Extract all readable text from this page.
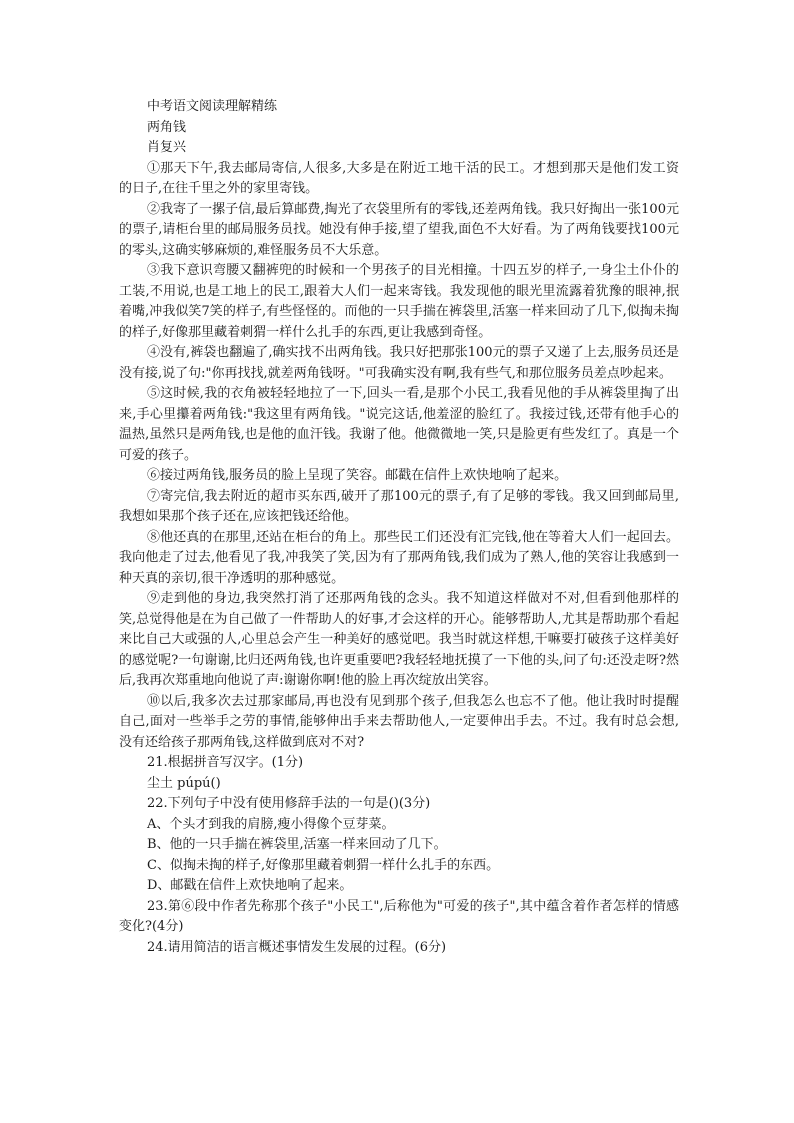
中考语文阅读理解精练

两角钱

肖复兴

①那天下午,我去邮局寄信,人很多,大多是在附近工地干活的民工。才想到那天是他们发工资的日子,在往千里之外的家里寄钱。

②我寄了一摞子信,最后算邮费,掏光了衣袋里所有的零钱,还差两角钱。我只好掏出一张100元的票子,请柜台里的邮局服务员找。她没有伸手接,望了望我,面色不大好看。为了两角钱要找100元的零头,这确实够麻烦的,难怪服务员不大乐意。

③我下意识弯腰又翻裤兜的时候和一个男孩子的目光相撞。十四五岁的样子,一身尘土仆仆的工装,不用说,也是工地上的民工,跟着大人们一起来寄钱。我发现他的眼光里流露着犹豫的眼神,抿着嘴,冲我似笑7笑的样子,有些怪怪的。而他的一只手揣在裤袋里,活塞一样来回动了几下,似掏未掏的样子,好像那里藏着刺猬一样什么扎手的东西,更让我感到奇怪。

④没有,裤袋也翻遍了,确实找不出两角钱。我只好把那张100元的票子又递了上去,服务员还是没有接,说了句:"你再找找,就差两角钱呀。"可我确实没有啊,我有些气,和那位服务员差点吵起来。

⑤这时候,我的衣角被轻轻地拉了一下,回头一看,是那个小民工,我看见他的手从裤袋里掏了出来,手心里攥着两角钱:"我这里有两角钱。"说完这话,他羞涩的脸红了。我接过钱,还带有他手心的温热,虽然只是两角钱,也是他的血汗钱。我谢了他。他微微地一笑,只是脸更有些发红了。真是一个可爱的孩子。

⑥接过两角钱,服务员的脸上呈现了笑容。邮戳在信件上欢快地响了起来。

⑦寄完信,我去附近的超市买东西,破开了那100元的票子,有了足够的零钱。我又回到邮局里,我想如果那个孩子还在,应该把钱还给他。

⑧他还真的在那里,还站在柜台的角上。那些民工们还没有汇完钱,他在等着大人们一起回去。我向他走了过去,他看见了我,冲我笑了笑,因为有了那两角钱,我们成为了熟人,他的笑容让我感到一种天真的亲切,很干净透明的那种感觉。

⑨走到他的身边,我突然打消了还那两角钱的念头。我不知道这样做对不对,但看到他那样的笑,总觉得他是在为自己做了一件帮助人的好事,才会这样的开心。能够帮助人,尤其是帮助那个看起来比自己大或强的人,心里总会产生一种美好的感觉吧。我当时就这样想,干嘛要打破孩子这样美好的感觉呢?一句谢谢,比归还两角钱,也许更重要吧?我轻轻地抚摸了一下他的头,问了句:还没走呀?然后,我再次郑重地向他说了声:谢谢你啊!他的脸上再次绽放出笑容。

⑩以后,我多次去过那家邮局,再也没有见到那个孩子,但我怎么也忘不了他。他让我时时提醒自己,面对一些举手之劳的事情,能够伸出手来去帮助他人,一定要伸出手去。不过。我有时总会想,没有还给孩子那两角钱,这样做到底对不对?

21.根据拼音写汉字。(1分)

尘土 púpú()

22.下列句子中没有使用修辞手法的一句是()(3分)

A、个头才到我的肩膀,瘦小得像个豆芽菜。

B、他的一只手揣在裤袋里,活塞一样来回动了几下。

C、似掏未掏的样子,好像那里藏着刺猬一样什么扎手的东西。

D、邮戳在信件上欢快地响了起来。

23.第⑥段中作者先称那个孩子"小民工",后称他为"可爱的孩子",其中蕴含着作者怎样的情感变化?(4分)

24.请用简洁的语言概述事情发生发展的过程。(6分)
